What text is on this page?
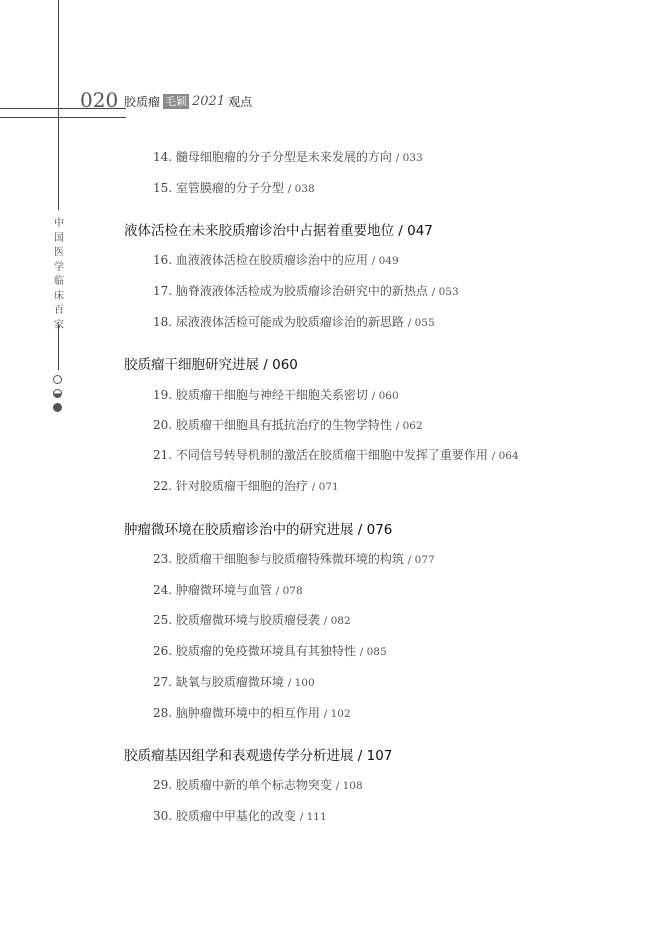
020 胶质瘤 毛颖 2021 观点
中国医学临床百家
14. 髓母细胞瘤的分子分型是未来发展的方向 / 033
15. 室管膜瘤的分子分型 / 038
液体活检在未来胶质瘤诊治中占据着重要地位 / 047
16. 血液液体活检在胶质瘤诊治中的应用 / 049
17. 脑脊液液体活检成为胶质瘤诊治研究中的新热点 / 053
18. 尿液液体活检可能成为胶质瘤诊治的新思路 / 055
胶质瘤干细胞研究进展 / 060
19. 胶质瘤干细胞与神经干细胞关系密切 / 060
20. 胶质瘤干细胞具有抵抗治疗的生物学特性 / 062
21. 不同信号转导机制的激活在胶质瘤干细胞中发挥了重要作用 / 064
22. 针对胶质瘤干细胞的治疗 / 071
肿瘤微环境在胶质瘤诊治中的研究进展 / 076
23. 胶质瘤干细胞参与胶质瘤特殊微环境的构筑 / 077
24. 肿瘤微环境与血管 / 078
25. 胶质瘤微环境与胶质瘤侵袭 / 082
26. 胶质瘤的免疫微环境具有其独特性 / 085
27. 缺氧与胶质瘤微环境 / 100
28. 脑肿瘤微环境中的相互作用 / 102
胶质瘤基因组学和表观遗传学分析进展 / 107
29. 胶质瘤中新的单个标志物突变 / 108
30. 胶质瘤中甲基化的改变 / 111
